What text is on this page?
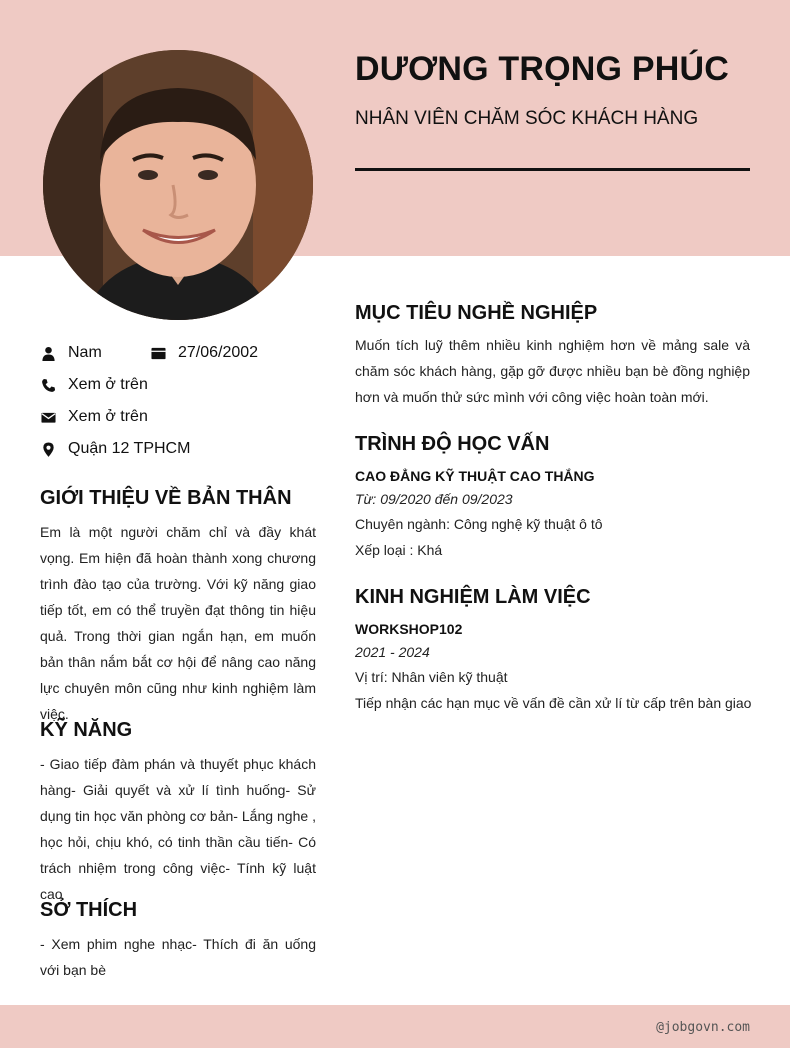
DƯƠNG TRỌNG PHÚC
NHÂN VIÊN CHĂM SÓC KHÁCH HÀNG
Nam	27/06/2002
Xem ở trên
Xem ở trên
Quận 12 TPHCM
GIỚI THIỆU VỀ BẢN THÂN
Em là một người chăm chỉ và đầy khát vọng. Em hiện đã hoàn thành xong chương trình đào tạo của trường. Với kỹ năng giao tiếp tốt, em có thể truyền đạt thông tin hiệu quả. Trong thời gian ngắn hạn, em muốn bản thân nắm bắt cơ hội để nâng cao năng lực chuyên môn cũng như kinh nghiệm làm việc.
KỸ NĂNG
- Giao tiếp đàm phán và thuyết phục khách hàng- Giải quyết và xử lí tình huống- Sử dụng tin học văn phòng cơ bản- Lắng nghe , học hỏi, chịu khó, có tinh thần cầu tiến- Có trách nhiệm trong công việc- Tính kỹ luật cao
SỞ THÍCH
- Xem phim nghe nhạc- Thích đi ăn uống với bạn bè
MỤC TIÊU NGHỀ NGHIỆP
Muốn tích luỹ thêm nhiều kinh nghiệm hơn về mảng sale và chăm sóc khách hàng, gặp gỡ được nhiều bạn bè đồng nghiệp hơn và muốn thử sức mình với công việc hoàn toàn mới.
TRÌNH ĐỘ HỌC VẤN
CAO ĐẲNG KỸ THUẬT CAO THẮNG
Từ: 09/2020 đến 09/2023
Chuyên ngành: Công nghệ kỹ thuật ô tô
Xếp loại : Khá
KINH NGHIỆM LÀM VIỆC
WORKSHOP102
2021 - 2024
Vị trí: Nhân viên kỹ thuật
Tiếp nhận các hạn mục về vấn đề cần xử lí từ cấp trên bàn giao
@jobgovn.com
